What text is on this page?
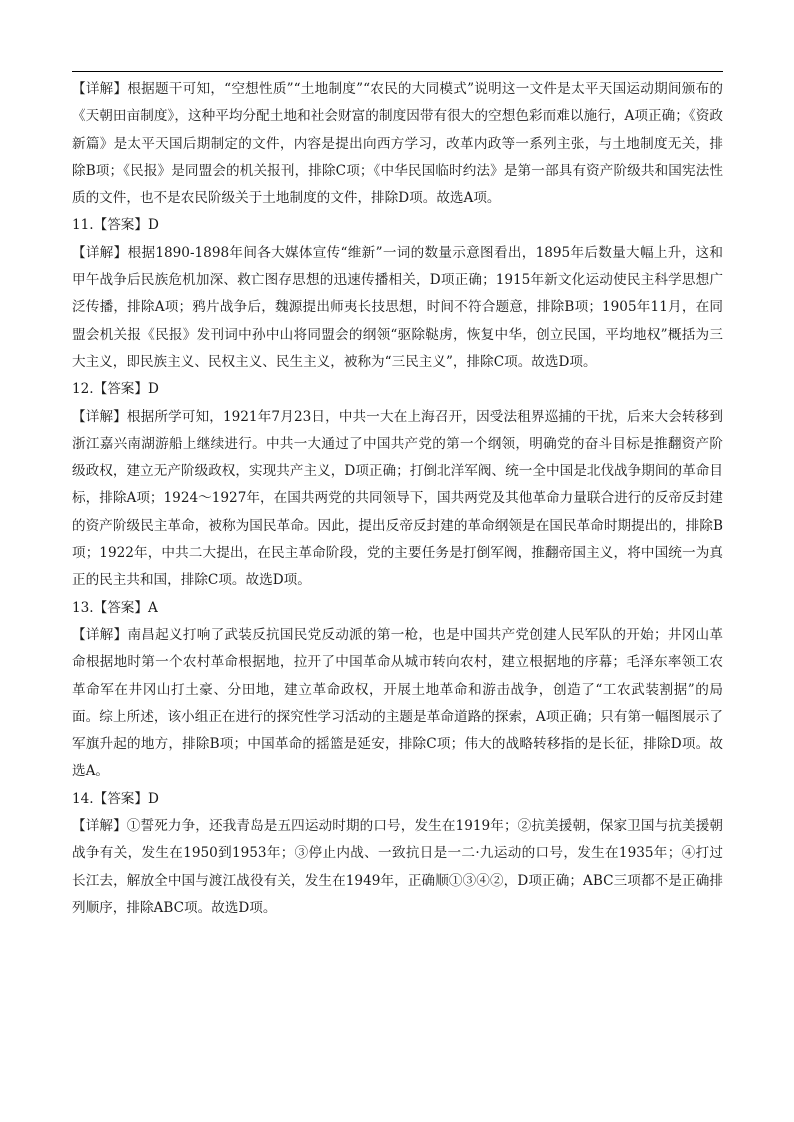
【详解】根据题干可知，“空想性质”“土地制度”“农民的大同模式”说明这一文件是太平天国运动期间颁布的《天朝田亩制度》，这种平均分配土地和社会财富的制度因带有很大的空想色彩而难以施行，A项正确；《资政新篇》是太平天国后期制定的文件，内容是提出向西方学习，改革内政等一系列主张，与土地制度无关，排除B项；《民报》是同盟会的机关报刊，排除C项；《中华民国临时约法》是第一部具有资产阶级共和国宪法性质的文件，也不是农民阶级关于土地制度的文件，排除D项。故选A项。

11.【答案】D

【详解】根据1890-1898年间各大媒体宣传“维新”一词的数量示意图看出，1895年后数量大幅上升，这和甲午战争后民族危机加深、救亡图存思想的迅速传播相关，D项正确；1915年新文化运动使民主科学思想广泛传播，排除A项；鸦片战争后，魏源提出师夷长技思想，时间不符合题意，排除B项；1905年11月，在同盟会机关报《民报》发刊词中孙中山将同盟会的纲领“驱除鞑虏，恢复中华，创立民国，平均地权”概括为三大主义，即民族主义、民权主义、民生主义，被称为“三民主义”，排除C项。故选D项。

12.【答案】D

【详解】根据所学可知，1921年7月23日，中共一大在上海召开，因受法租界巡捕的干扰，后来大会转移到浙江嘉兴南湖游船上继续进行。中共一大通过了中国共产党的第一个纲领，明确党的奋斗目标是推翻资产阶级政权，建立无产阶级政权，实现共产主义，D项正确；打倒北洋军阀、统一全中国是北伐战争期间的革命目标，排除A项；1924～1927年，在国共两党的共同领导下，国共两党及其他革命力量联合进行的反帝反封建的资产阶级民主革命，被称为国民革命。因此，提出反帝反封建的革命纲领是在国民革命时期提出的，排除B项；1922年，中共二大提出，在民主革命阶段，党的主要任务是打倒军阀，推翻帝国主义，将中国统一为真正的民主共和国，排除C项。故选D项。

13.【答案】A

【详解】南昌起义打响了武装反抗国民党反动派的第一枪，也是中国共产党创建人民军队的开始；井冈山革命根据地时第一个农村革命根据地，拉开了中国革命从城市转向农村，建立根据地的序幕；毛泽东率领工农革命军在井冈山打土豪、分田地，建立革命政权，开展土地革命和游击战争，创造了“工农武装割据”的局面。综上所述，该小组正在进行的探究性学习活动的主题是革命道路的探索，A项正确；只有第一幅图展示了军旗升起的地方，排除B项；中国革命的摇篮是延安，排除C项；伟大的战略转移指的是长征，排除D项。故选A。

14.【答案】D

【详解】①誓死力争，还我青岛是五四运动时期的口号，发生在1919年；②抗美援朝，保家卫国与抗美援朝战争有关，发生在1950到1953年；③停止内战、一致抗日是一二·九运动的口号，发生在1935年；④打过长江去，解放全中国与渡江战役有关，发生在1949年，正确顺①③④②，D项正确；ABC三项都不是正确排列顺序，排除ABC项。故选D项。
